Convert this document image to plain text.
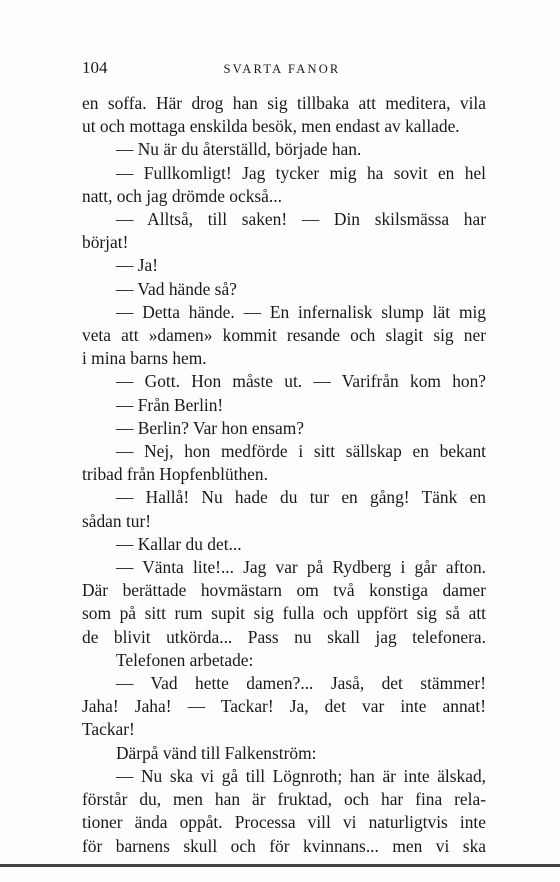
104	SVARTA FANOR
en soffa. Här drog han sig tillbaka att meditera, vila
ut och mottaga enskilda besök, men endast av kallade.
— Nu är du återställd, började han.
— Fullkomligt! Jag tycker mig ha sovit en hel
natt, och jag drömde också...
— Alltså, till saken! — Din skilsmässa har
börjat!
— Ja!
— Vad hände så?
— Detta hände. — En infernalisk slump lät mig
veta att »damen» kommit resande och slagit sig ner
i mina barns hem.
— Gott. Hon måste ut. — Varifrån kom hon?
— Från Berlin!
— Berlin? Var hon ensam?
— Nej, hon medförde i sitt sällskap en bekant
tribad från Hopfenblüthen.
— Hallå! Nu hade du tur en gång! Tänk en
sådan tur!
— Kallar du det...
— Vänta lite!... Jag var på Rydberg i går afton.
Där berättade hovmästarn om två konstiga damer
som på sitt rum supit sig fulla och uppfört sig så att
de blivit utkörda... Pass nu skall jag telefonera.
Telefonen arbetade:
— Vad hette damen?... Jaså, det stämmer!
Jaha! Jaha! — Tackar! Ja, det var inte annat!
Tackar!
Därpå vänd till Falkenström:
— Nu ska vi gå till Lögnroth; han är inte älskad,
förstår du, men han är fruktad, och har fina rela-
tioner ända oppåt. Processa vill vi naturligtvis inte
för barnens skull och för kvinnans... men vi ska
